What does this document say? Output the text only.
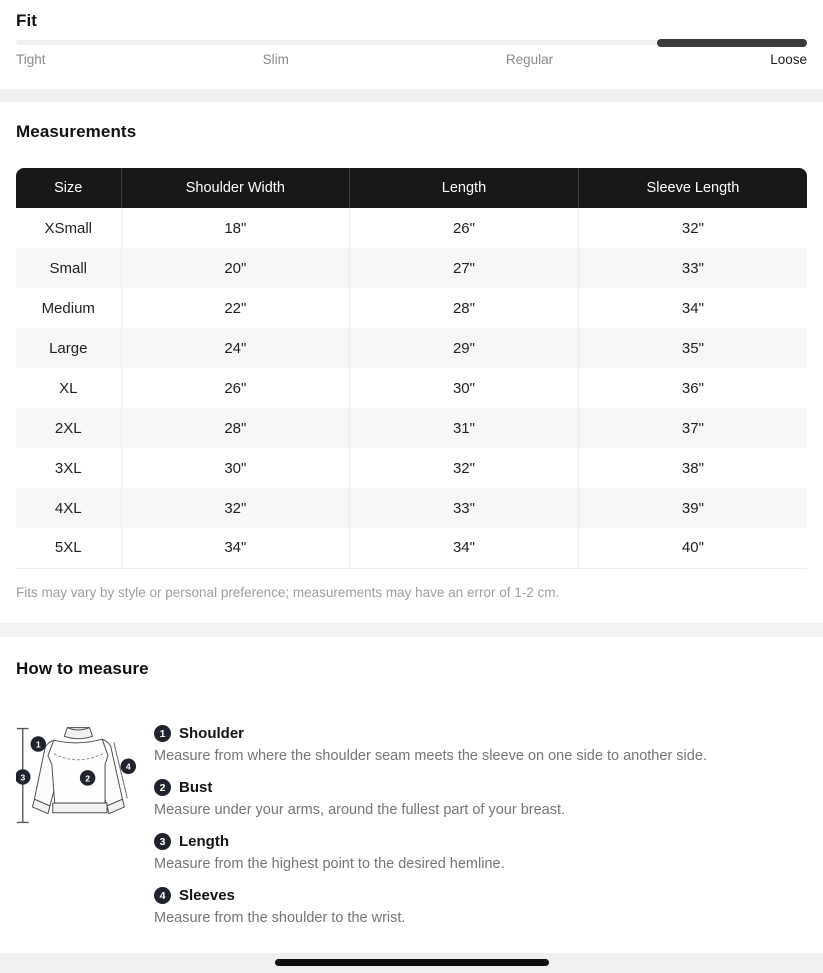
Fit
Tight	Slim	Regular	Loose
Measurements
Size	Shoulder Width	Length	Sleeve Length
XSmall	18"	26"	32"
Small	20"	27"	33"
Medium	22"	28"	34"
Large	24"	29"	35"
XL	26"	30"	36"
2XL	28"	31"	37"
3XL	30"	32"	38"
4XL	32"	33"	39"
5XL	34"	34"	40"
Fits may vary by style or personal preference; measurements may have an error of 1-2 cm.
How to measure
1
2
3
4
1 Shoulder
Measure from where the shoulder seam meets the sleeve on one side to another side.
2 Bust
Measure under your arms, around the fullest part of your breast.
3 Length
Measure from the highest point to the desired hemline.
4 Sleeves
Measure from the shoulder to the wrist.
